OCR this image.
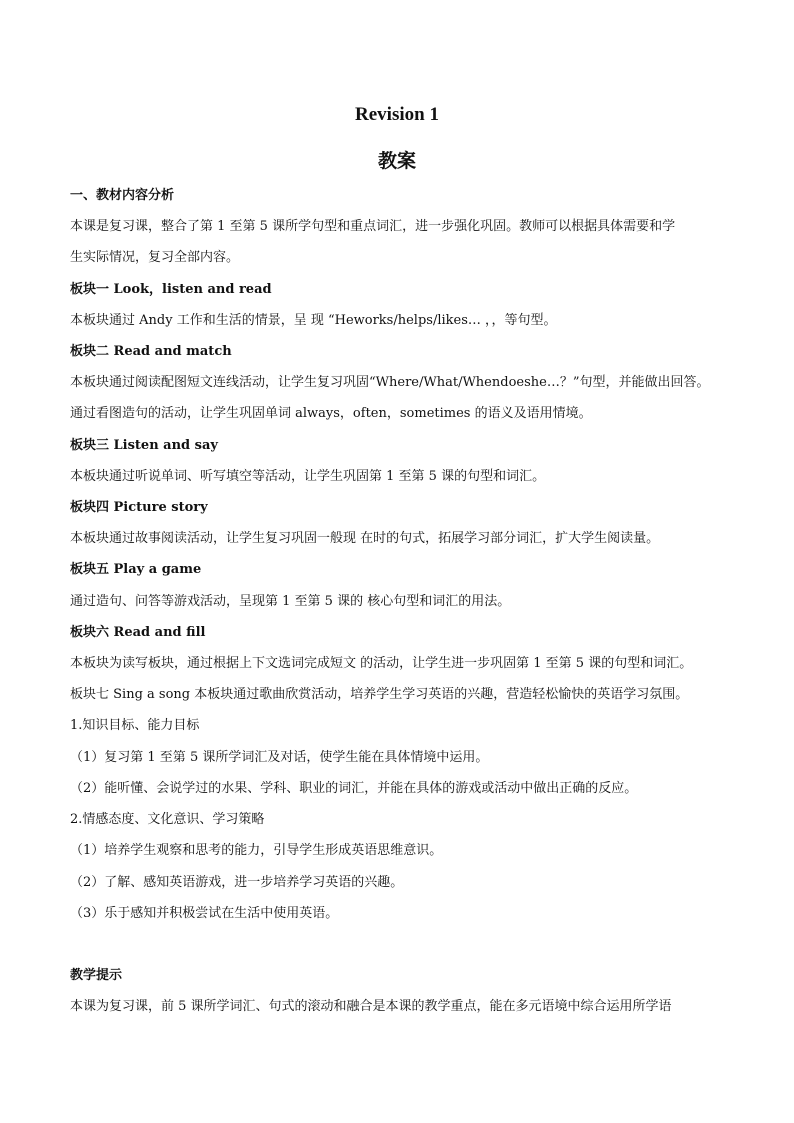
Revision 1
教案
一、教材内容分析
本课是复习课，整合了第 1 至第 5 课所学句型和重点词汇，进一步强化巩固。教师可以根据具体需要和学
生实际情况，复习全部内容。
板块一 Look，listen and read
本板块通过 Andy 工作和生活的情景，呈 现 “Heworks/helps/likes… ，，等句型。
板块二 Read and match
本板块通过阅读配图短文连线活动，让学生复习巩固“Where/What/Whendoeshe…？”句型，并能做出回答。
通过看图造句的活动，让学生巩固单词 always，often，sometimes 的语义及语用情境。
板块三 Listen and say
本板块通过听说单词、听写填空等活动，让学生巩固第 1 至第 5 课的句型和词汇。
板块四 Picture story
本板块通过故事阅读活动，让学生复习巩固一般现 在时的句式，拓展学习部分词汇，扩大学生阅读量。
板块五 Play a game
通过造句、问答等游戏活动，呈现第 1 至第 5 课的 核心句型和词汇的用法。
板块六 Read and fill
本板块为读写板块，通过根据上下文选词完成短文 的活动，让学生进一步巩固第 1 至第 5 课的句型和词汇。
板块七 Sing a song 本板块通过歌曲欣赏活动，培养学生学习英语的兴趣，营造轻松愉快的英语学习氛围。
1.知识目标、能力目标
（1）复习第 1 至第 5 课所学词汇及对话，使学生能在具体情境中运用。
（2）能听懂、会说学过的水果、学科、职业的词汇，并能在具体的游戏或活动中做出正确的反应。
2.情感态度、文化意识、学习策略
（1）培养学生观察和思考的能力，引导学生形成英语思维意识。
（2）了解、感知英语游戏，进一步培养学习英语的兴趣。
（3）乐于感知并积极尝试在生活中使用英语。
教学提示
本课为复习课，前 5 课所学词汇、句式的滚动和融合是本课的教学重点，能在多元语境中综合运用所学语
